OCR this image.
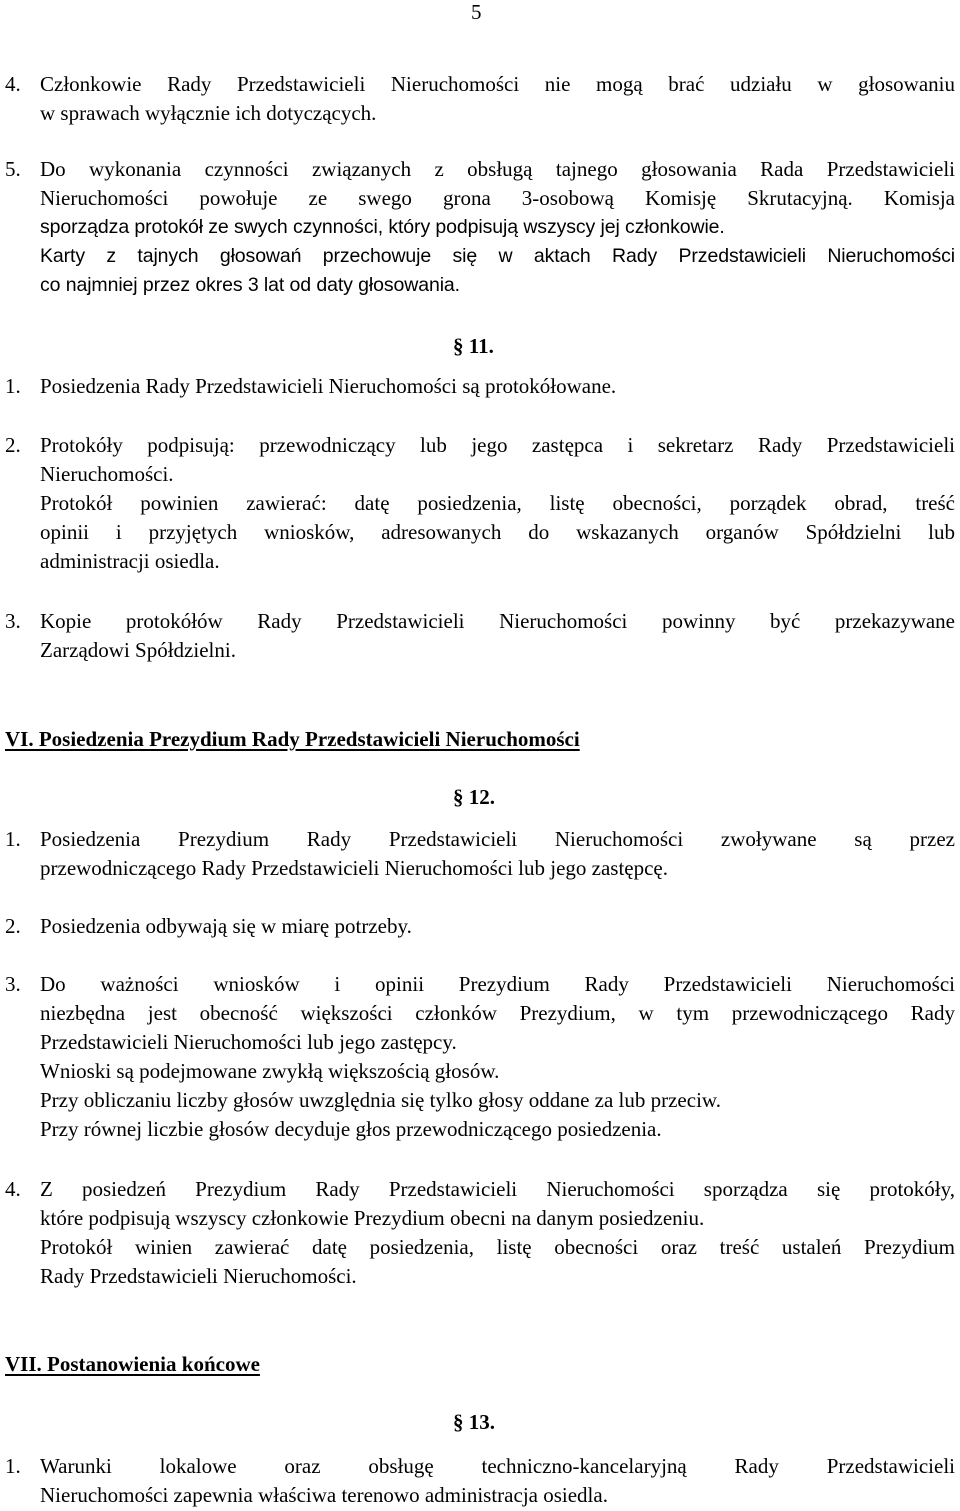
5
4. Członkowie Rady Przedstawicieli Nieruchomości nie mogą brać udziału w głosowaniu

w sprawach wyłącznie ich dotyczących.

5. Do wykonania czynności związanych z obsługą tajnego głosowania Rada Przedstawicieli

Nieruchomości powołuje ze swego grona 3-osobową Komisję Skrutacyjną. Komisja

sporządza protokół ze swych czynności, który podpisują wszyscy jej członkowie.

Karty z tajnych głosowań przechowuje się w aktach Rady Przedstawicieli Nieruchomości

co najmniej przez okres 3 lat od daty głosowania.

§ 11.
1. Posiedzenia Rady Przedstawicieli Nieruchomości są protokółowane.

2. Protokóły podpisują: przewodniczący lub jego zastępca i sekretarz Rady Przedstawicieli

Nieruchomości.

Protokół powinien zawierać: datę posiedzenia, listę obecności, porządek obrad, treść

opinii i przyjętych wniosków, adresowanych do wskazanych organów Spółdzielni lub

administracji osiedla.

3. Kopie protokółów Rady Przedstawicieli Nieruchomości powinny być przekazywane

Zarządowi Spółdzielni.

VI. Posiedzenia Prezydium Rady Przedstawicieli Nieruchomości
§ 12.
1. Posiedzenia Prezydium Rady Przedstawicieli Nieruchomości zwoływane są przez

przewodniczącego Rady Przedstawicieli Nieruchomości lub jego zastępcę.

2. Posiedzenia odbywają się w miarę potrzeby.

3. Do ważności wniosków i opinii Prezydium Rady Przedstawicieli Nieruchomości

niezbędna jest obecność większości członków Prezydium, w tym przewodniczącego Rady

Przedstawicieli Nieruchomości lub jego zastępcy.

Wnioski są podejmowane zwykłą większością głosów.

Przy obliczaniu liczby głosów uwzględnia się tylko głosy oddane za lub przeciw.

Przy równej liczbie głosów decyduje głos przewodniczącego posiedzenia.

4. Z posiedzeń Prezydium Rady Przedstawicieli Nieruchomości sporządza się protokóły,

które podpisują wszyscy członkowie Prezydium obecni na danym posiedzeniu.

Protokół winien zawierać datę posiedzenia, listę obecności oraz treść ustaleń Prezydium

Rady Przedstawicieli Nieruchomości.

VII. Postanowienia końcowe
§ 13.
1. Warunki lokalowe oraz obsługę techniczno-kancelaryjną Rady Przedstawicieli

Nieruchomości zapewnia właściwa terenowo administracja osiedla.
